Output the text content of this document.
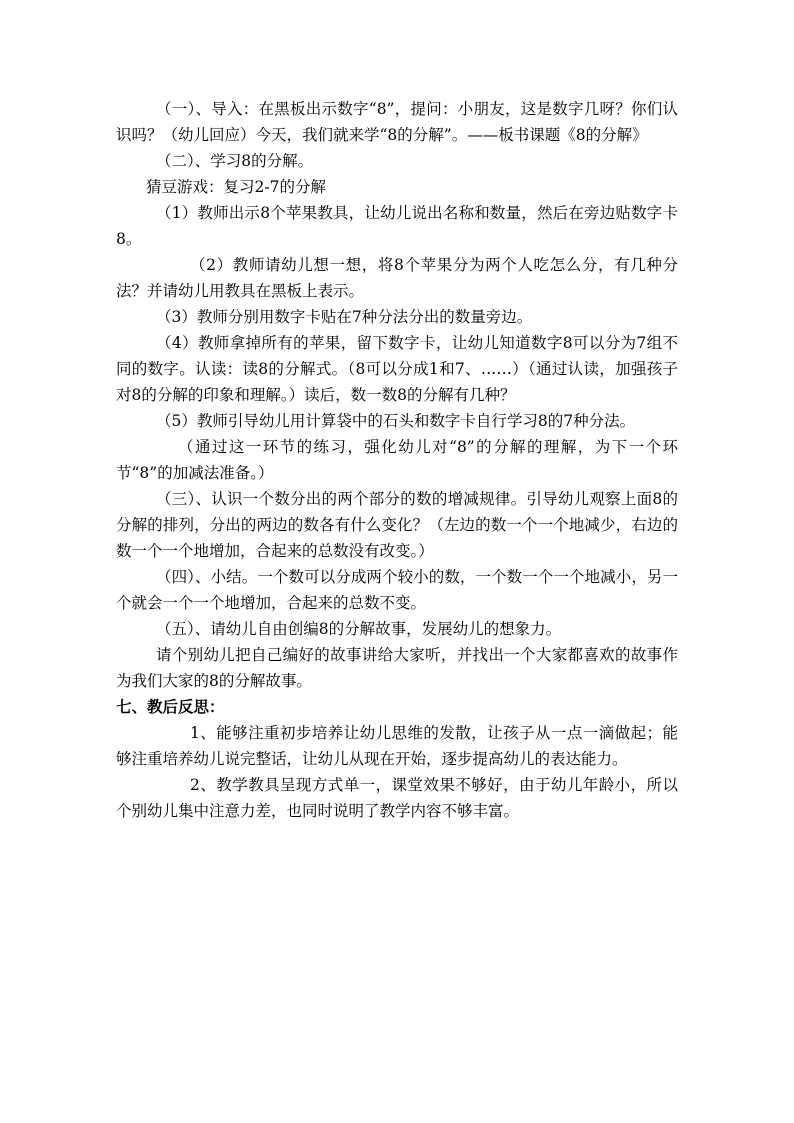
（一）、导入：在黑板出示数字“8”，提问：小朋友，这是数字几呀？你们认识吗？（幼儿回应）今天，我们就来学“8的分解”。——板书课题《8的分解》

（二）、学习8的分解。

猜豆游戏：复习2-7的分解

（1）教师出示8个苹果教具，让幼儿说出名称和数量，然后在旁边贴数字卡8。

（2）教师请幼儿想一想，将8个苹果分为两个人吃怎么分，有几种分法？并请幼儿用教具在黑板上表示。

（3）教师分别用数字卡贴在7种分法分出的数量旁边。

（4）教师拿掉所有的苹果，留下数字卡，让幼儿知道数字8可以分为7组不同的数字。认读：读8的分解式。（8可以分成1和7、……）（通过认读，加强孩子对8的分解的印象和理解。）读后，数一数8的分解有几种？

（5）教师引导幼儿用计算袋中的石头和数字卡自行学习8的7种分法。

（通过这一环节的练习，强化幼儿对“8”的分解的理解，为下一个环节“8”的加减法准备。）

（三）、认识一个数分出的两个部分的数的增减规律。引导幼儿观察上面8的分解的排列，分出的两边的数各有什么变化？（左边的数一个一个地减少，右边的数一个一个地增加，合起来的总数没有改变。）

（四）、小结。一个数可以分成两个较小的数，一个数一个一个地减小，另一个就会一个一个地增加，合起来的总数不变。

（五）、请幼儿自由创编8的分解故事，发展幼儿的想象力。

请个别幼儿把自己编好的故事讲给大家听，并找出一个大家都喜欢的故事作为我们大家的8的分解故事。

七、教后反思：

1、能够注重初步培养让幼儿思维的发散，让孩子从一点一滴做起；能够注重培养幼儿说完整话，让幼儿从现在开始，逐步提高幼儿的表达能力。

2、教学教具呈现方式单一，课堂效果不够好，由于幼儿年龄小，所以个别幼儿集中注意力差，也同时说明了教学内容不够丰富。
